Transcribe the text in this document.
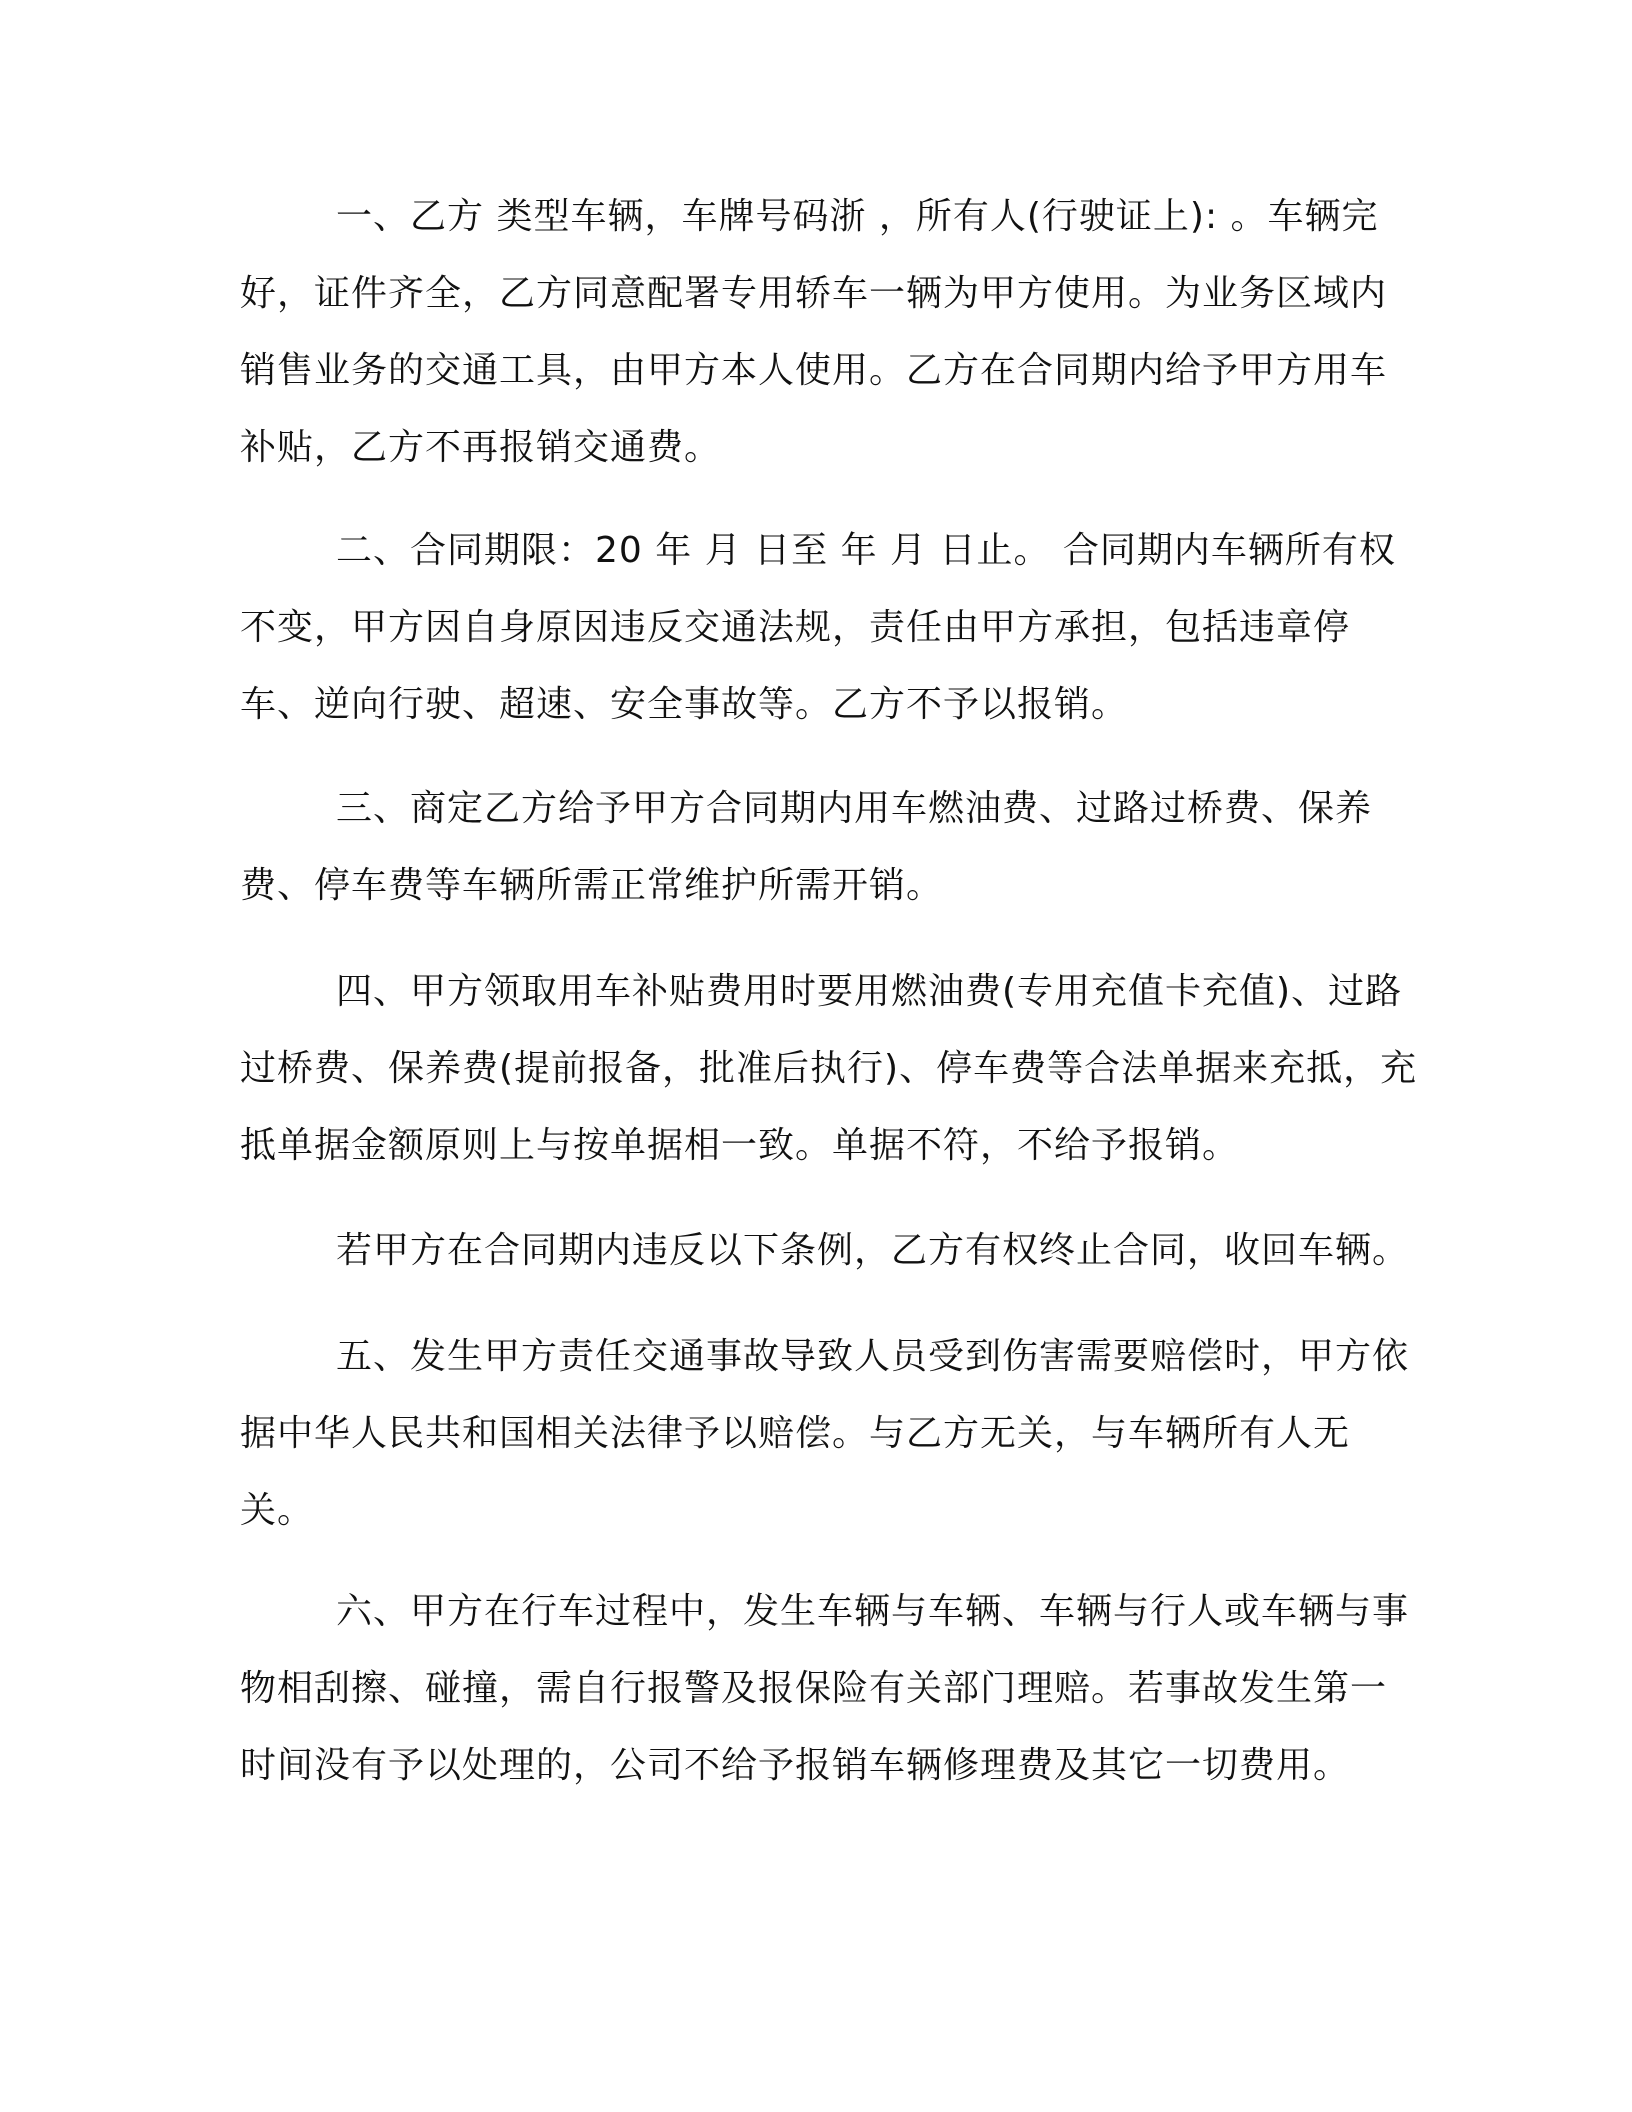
一、乙方 类型车辆，车牌号码浙 ，所有人(行驶证上): 。车辆完好，证件齐全，乙方同意配署专用轿车一辆为甲方使用。为业务区域内销售业务的交通工具，由甲方本人使用。乙方在合同期内给予甲方用车补贴，乙方不再报销交通费。

二、合同期限：20 年 月 日至 年 月 日止。 合同期内车辆所有权不变，甲方因自身原因违反交通法规，责任由甲方承担，包括违章停车、逆向行驶、超速、安全事故等。乙方不予以报销。

三、商定乙方给予甲方合同期内用车燃油费、过路过桥费、保养费、停车费等车辆所需正常维护所需开销。

四、甲方领取用车补贴费用时要用燃油费(专用充值卡充值)、过路过桥费、保养费(提前报备，批准后执行)、停车费等合法单据来充抵，充抵单据金额原则上与按单据相一致。单据不符，不给予报销。

若甲方在合同期内违反以下条例，乙方有权终止合同，收回车辆。

五、发生甲方责任交通事故导致人员受到伤害需要赔偿时，甲方依据中华人民共和国相关法律予以赔偿。与乙方无关，与车辆所有人无关。

六、甲方在行车过程中，发生车辆与车辆、车辆与行人或车辆与事物相刮擦、碰撞，需自行报警及报保险有关部门理赔。若事故发生第一时间没有予以处理的，公司不给予报销车辆修理费及其它一切费用。
